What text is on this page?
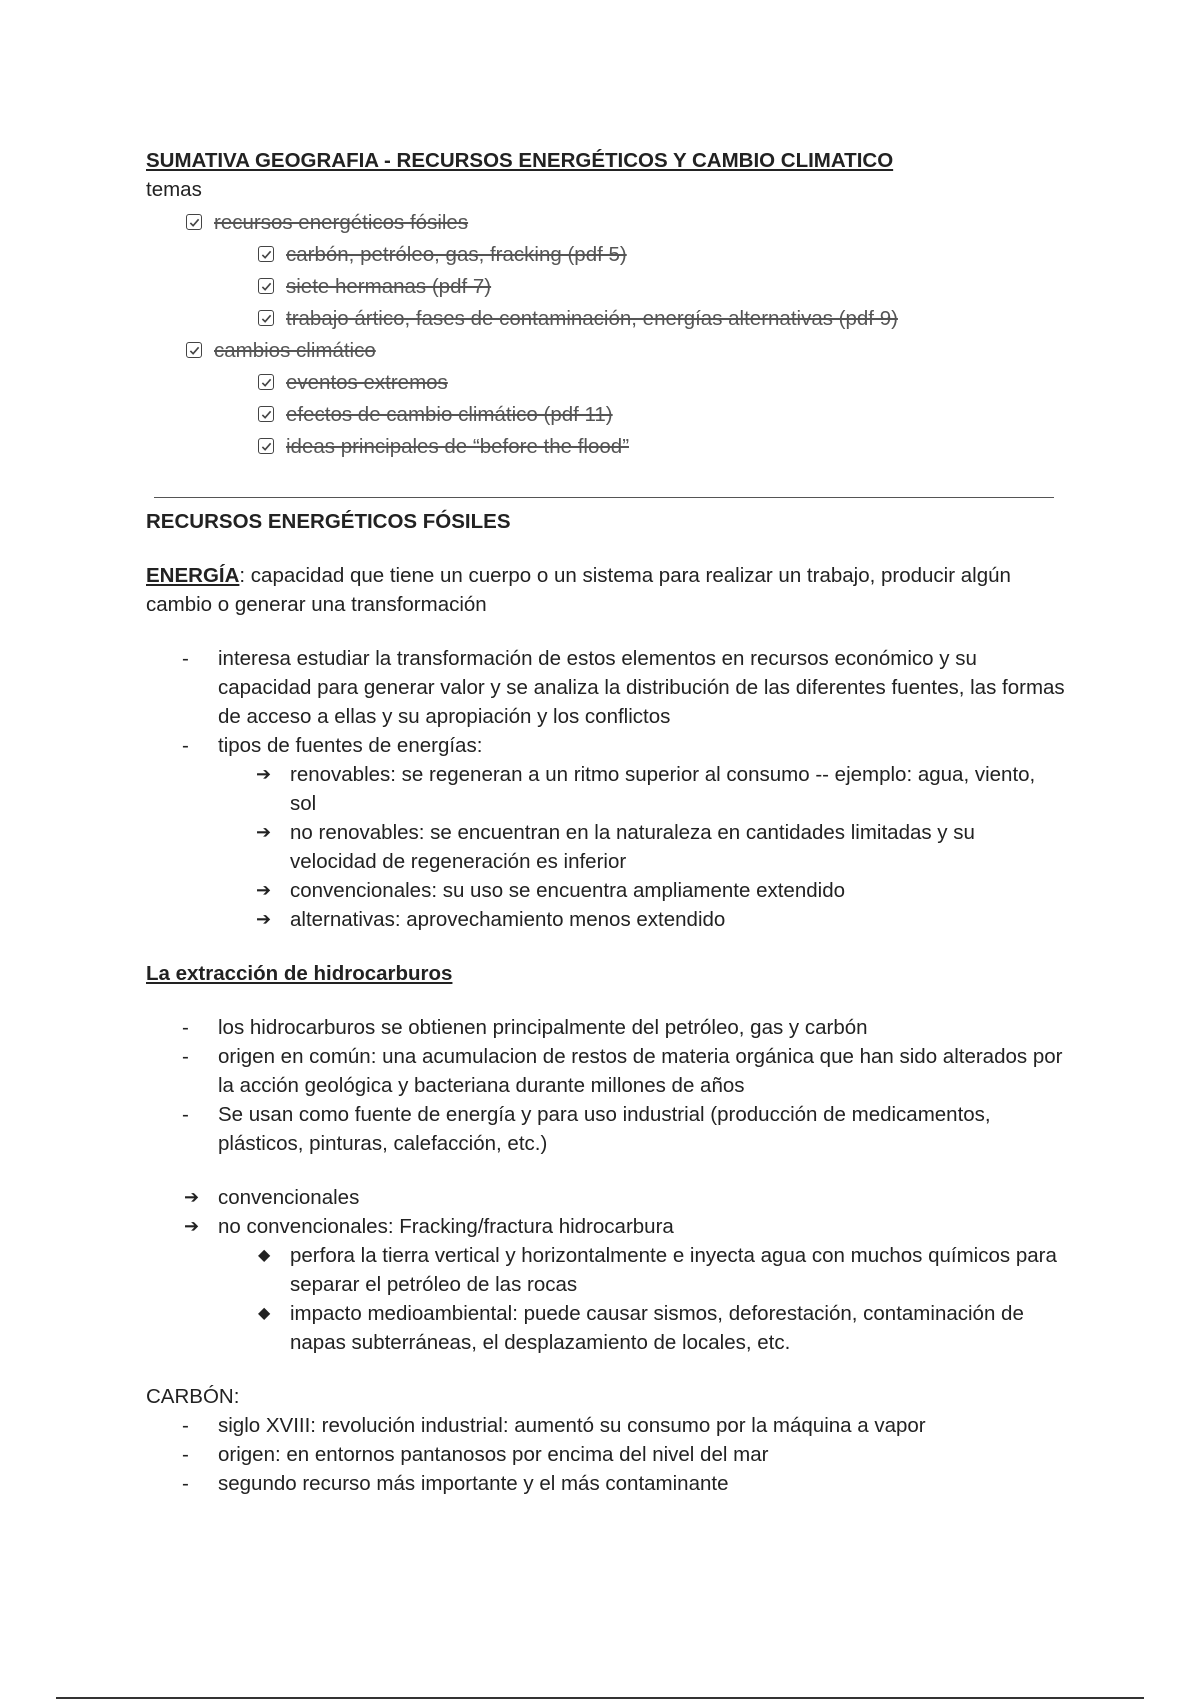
SUMATIVA GEOGRAFIA - RECURSOS ENERGÉTICOS Y CAMBIO CLIMATICO

temas

recursos energéticos fósiles
carbón, petróleo, gas, fracking (pdf 5)
siete hermanas (pdf 7)
trabajo ártico, fases de contaminación, energías alternativas (pdf 9)
cambios climático
eventos extremos
efectos de cambio climático (pdf 11)
ideas principales de “before the flood”
RECURSOS ENERGÉTICOS FÓSILES

ENERGÍA: capacidad que tiene un cuerpo o un sistema para realizar un trabajo, producir algún cambio o generar una transformación

- interesa estudiar la transformación de estos elementos en recursos económico y su capacidad para generar valor y se analiza la distribución de las diferentes fuentes, las formas de acceso a ellas y su apropiación y los conflictos
- tipos de fuentes de energías:
➔ renovables: se regeneran a un ritmo superior al consumo -- ejemplo: agua, viento, sol
➔ no renovables: se encuentran en la naturaleza en cantidades limitadas y su velocidad de regeneración es inferior
➔ convencionales: su uso se encuentra ampliamente extendido
➔ alternativas: aprovechamiento menos extendido

La extracción de hidrocarburos

- los hidrocarburos se obtienen principalmente del petróleo, gas y carbón
- origen en común: una acumulacion de restos de materia orgánica que han sido alterados por la acción geológica y bacteriana durante millones de años
- Se usan como fuente de energía y para uso industrial (producción de medicamentos, plásticos, pinturas, calefacción, etc.)
➔ convencionales
➔ no convencionales: Fracking/fractura hidrocarbura
◆ perfora la tierra vertical y horizontalmente e inyecta agua con muchos químicos para separar el petróleo de las rocas
◆ impacto medioambiental: puede causar sismos, deforestación, contaminación de napas subterráneas, el desplazamiento de locales, etc.

CARBÓN:

- siglo XVIII: revolución industrial: aumentó su consumo por la máquina a vapor
- origen: en entornos pantanosos por encima del nivel del mar
- segundo recurso más importante y el más contaminante
